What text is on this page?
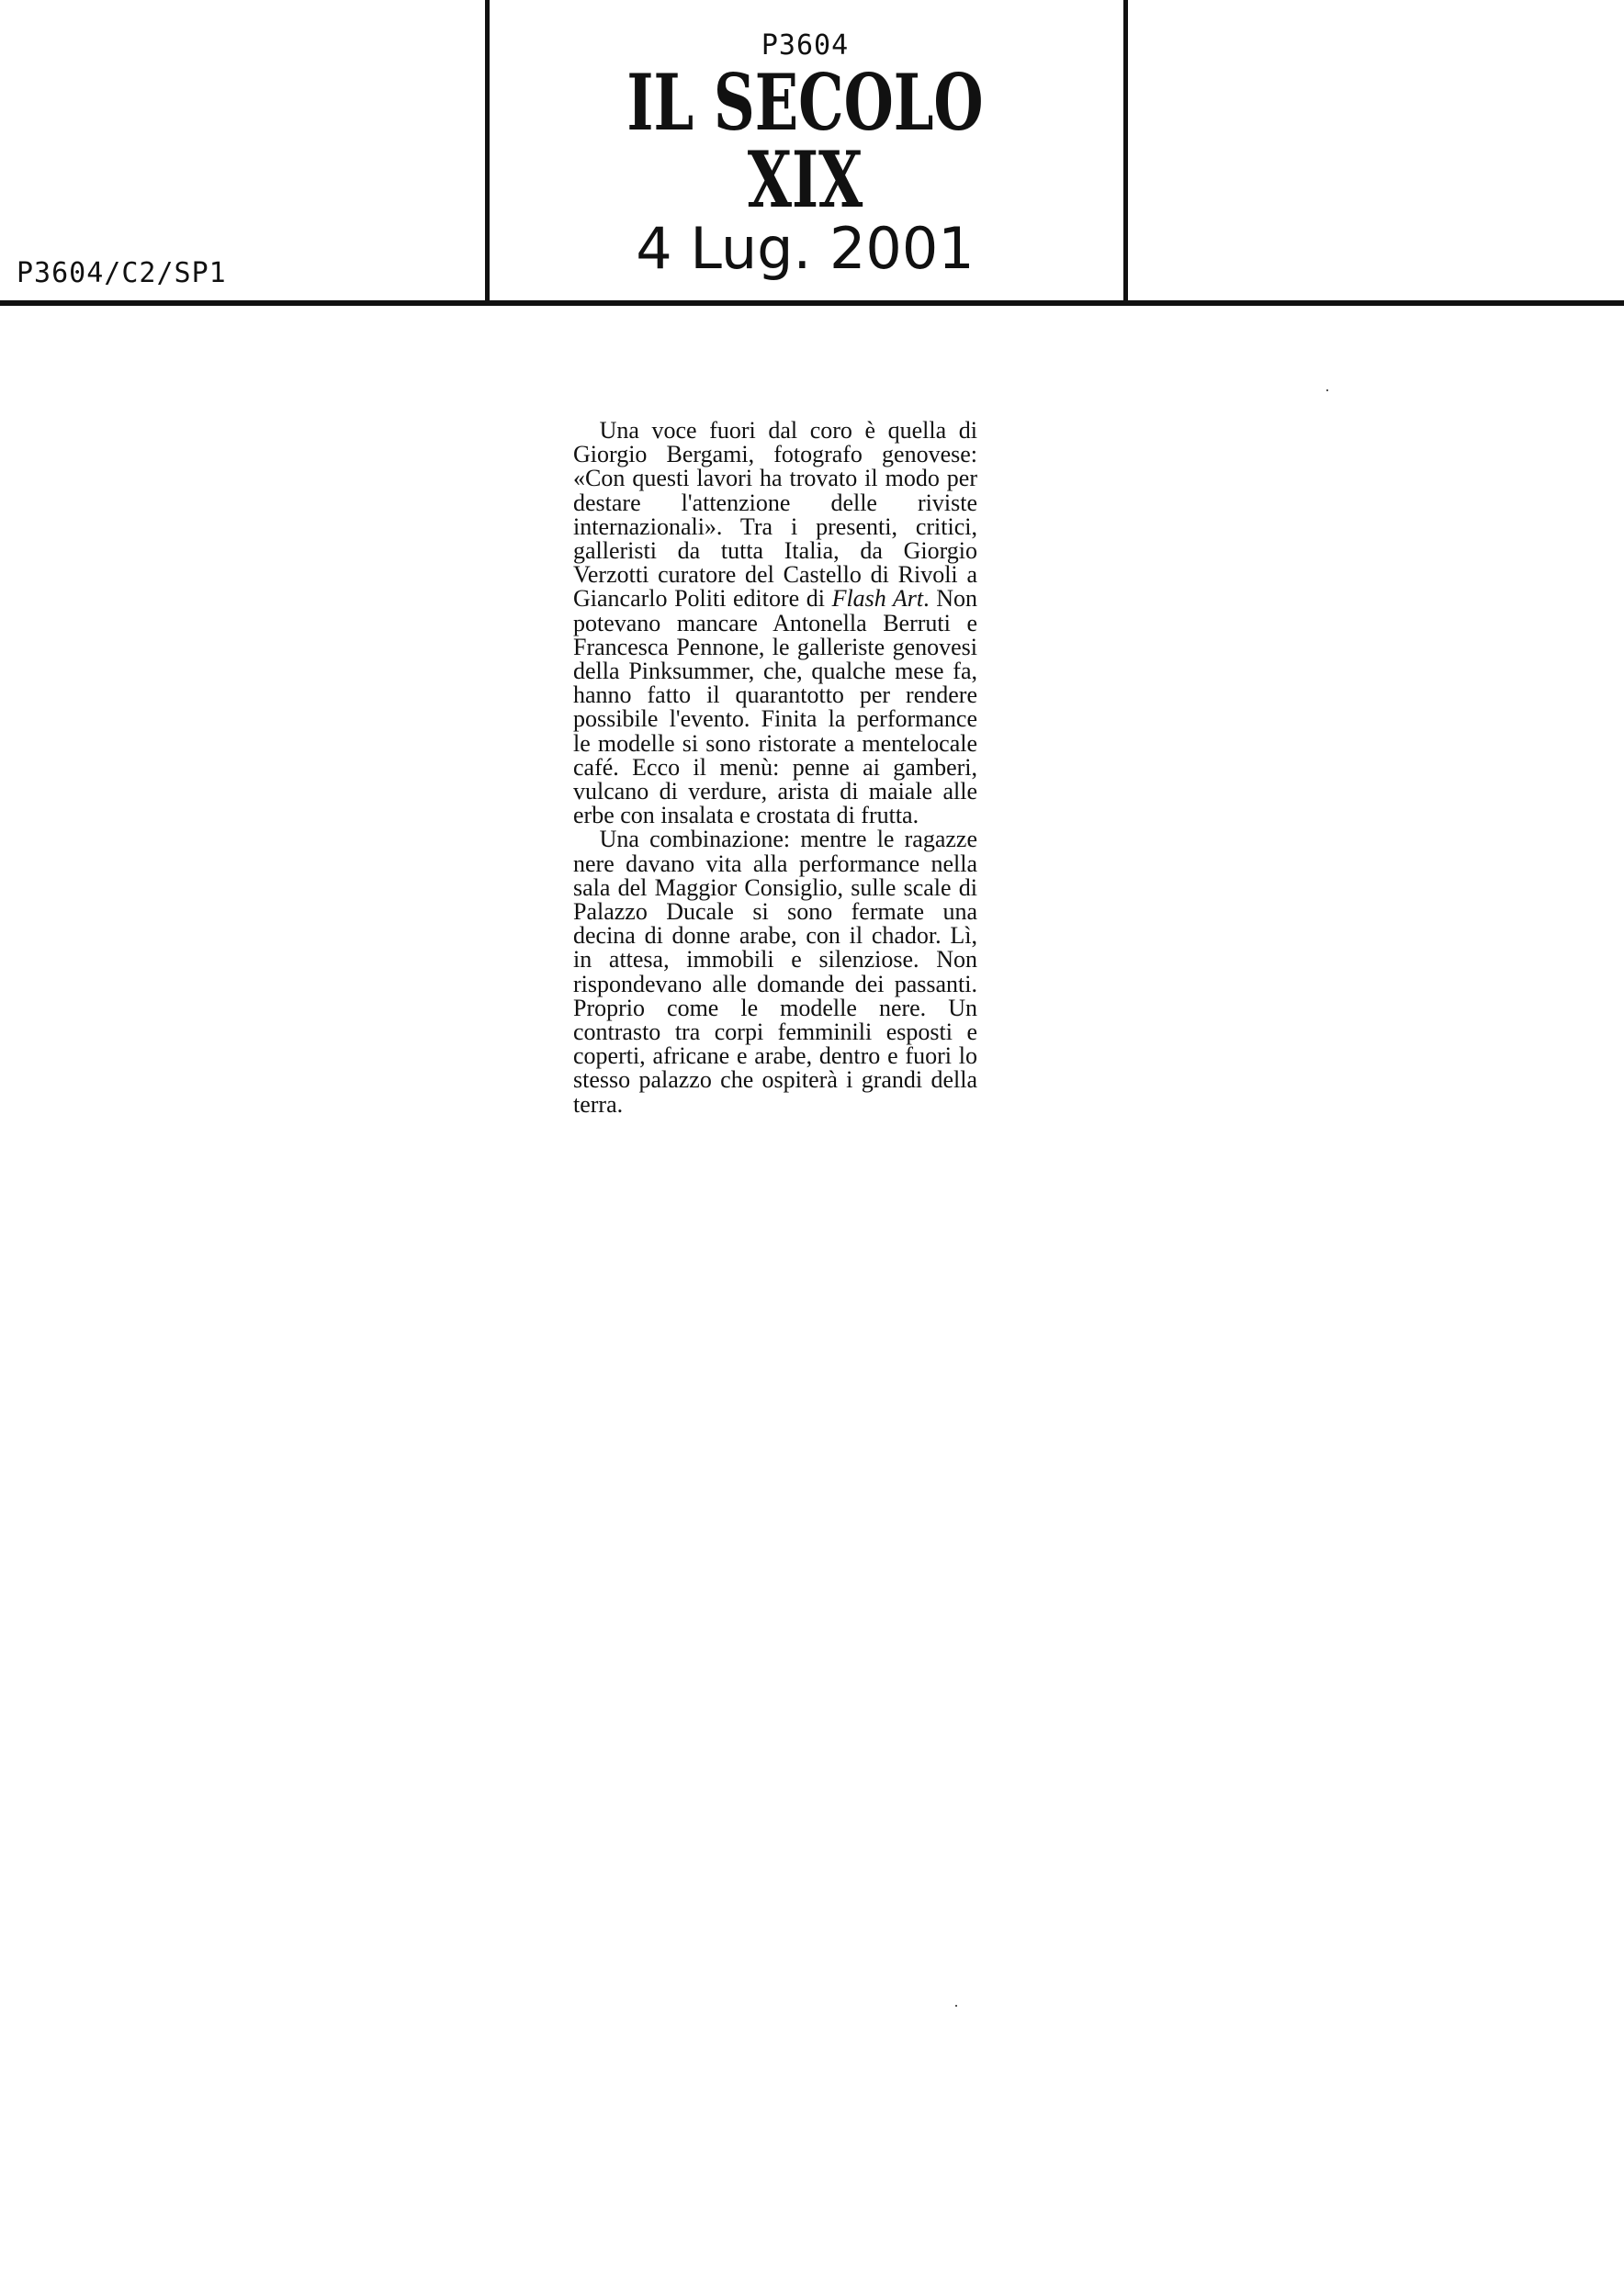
P3604
IL SECOLO XIX
4 Lug. 2001
P3604/C2/SP1

Una voce fuori dal coro è quella di Giorgio Bergami, fotografo genovese: «Con questi lavori ha trovato il modo per destare l'attenzione delle riviste internazionali». Tra i presenti, critici, galleristi da tutta Italia, da Giorgio Verzotti curatore del Castello di Rivoli a Giancarlo Politi editore di Flash Art. Non potevano mancare Antonella Berruti e Francesca Pennone, le galleriste genovesi della Pinksummer, che, qualche mese fa, hanno fatto il quarantotto per rendere possibile l'evento. Finita la performance le modelle si sono ristorate a mentelocale café. Ecco il menù: penne ai gamberi, vulcano di verdure, arista di maiale alle erbe con insalata e crostata di frutta.

Una combinazione: mentre le ragazze nere davano vita alla performance nella sala del Maggior Consiglio, sulle scale di Palazzo Ducale si sono fermate una decina di donne arabe, con il chador. Lì, in attesa, immobili e silenziose. Non rispondevano alle domande dei passanti. Proprio come le modelle nere. Un contrasto tra corpi femminili esposti e coperti, africane e arabe, dentro e fuori lo stesso palazzo che ospiterà i grandi della terra.
